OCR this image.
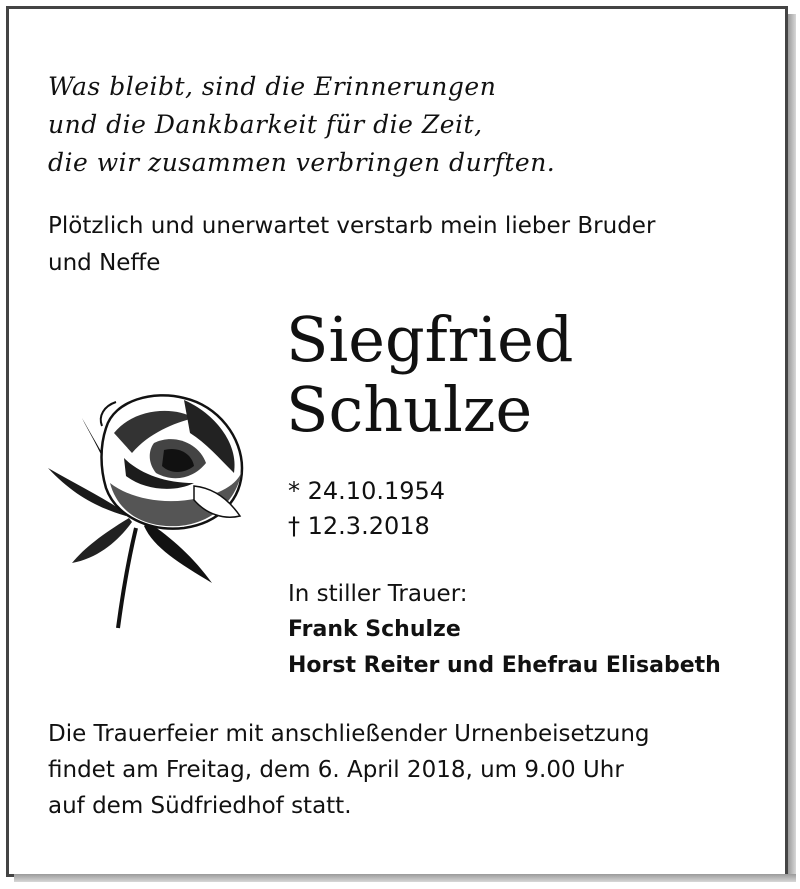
Was bleibt, sind die Erinnerungen
und die Dankbarkeit für die Zeit,
die wir zusammen verbringen durften.
Plötzlich und unerwartet verstarb mein lieber Bruder
und Neffe
Siegfried
Schulze
* 24.10.1954
† 12.3.2018
In stiller Trauer:
Frank Schulze
Horst Reiter und Ehefrau Elisabeth
Die Trauerfeier mit anschließender Urnenbeisetzung
findet am Freitag, dem 6. April 2018, um 9.00 Uhr
auf dem Südfriedhof statt.
